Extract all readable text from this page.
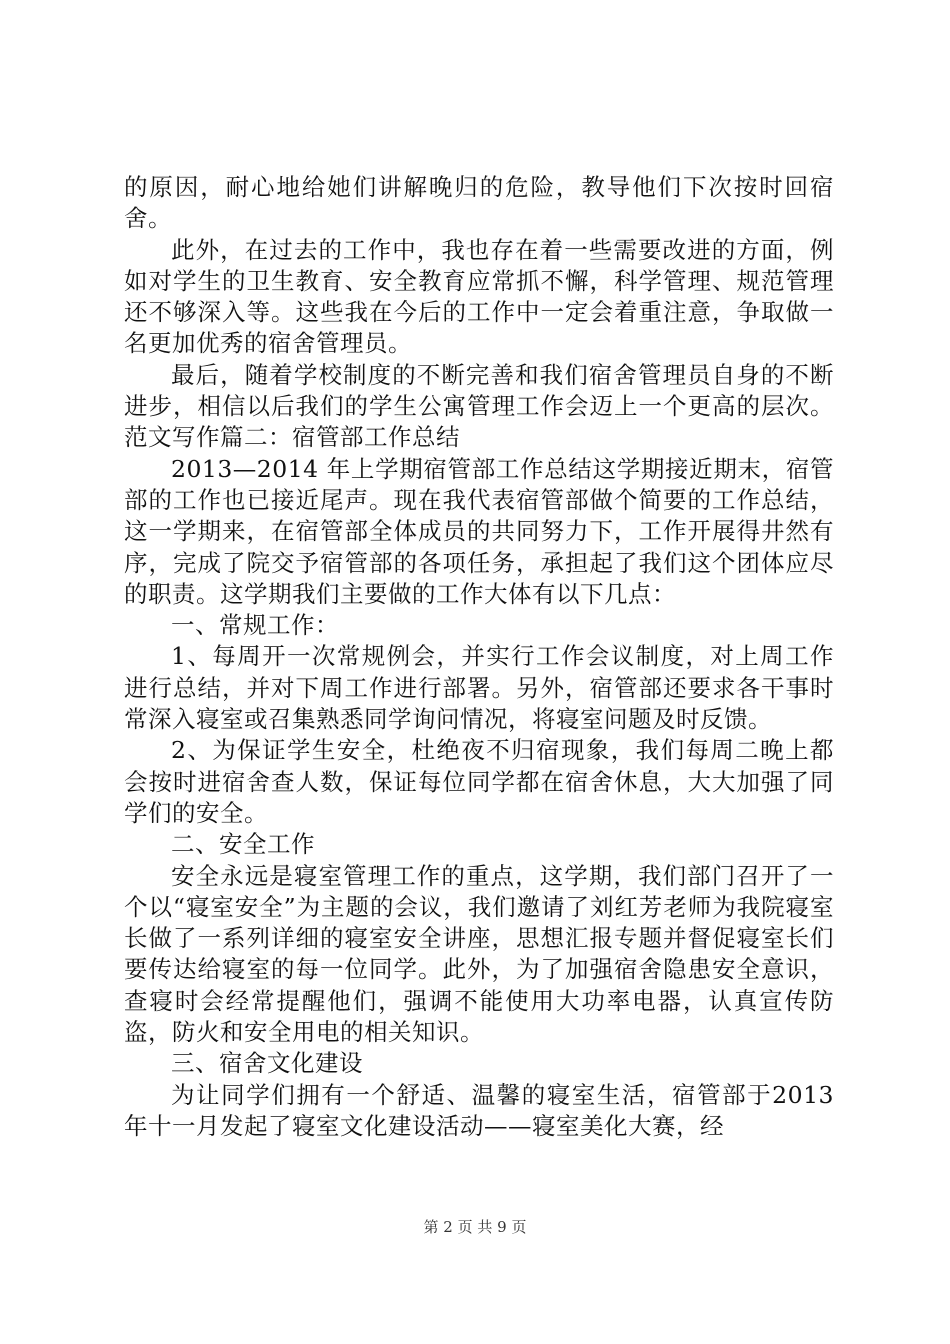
的原因，耐心地给她们讲解晚归的危险，教导他们下次按时回宿舍。

此外，在过去的工作中，我也存在着一些需要改进的方面，例如对学生的卫生教育、安全教育应常抓不懈，科学管理、规范管理还不够深入等。这些我在今后的工作中一定会着重注意，争取做一名更加优秀的宿舍管理员。

最后，随着学校制度的不断完善和我们宿舍管理员自身的不断进步，相信以后我们的学生公寓管理工作会迈上一个更高的层次。范文写作篇二：宿管部工作总结

2013—2014 年上学期宿管部工作总结这学期接近期末，宿管部的工作也已接近尾声。现在我代表宿管部做个简要的工作总结，这一学期来，在宿管部全体成员的共同努力下，工作开展得井然有序，完成了院交予宿管部的各项任务，承担起了我们这个团体应尽的职责。这学期我们主要做的工作大体有以下几点：

一、常规工作：

1、每周开一次常规例会，并实行工作会议制度，对上周工作进行总结，并对下周工作进行部署。另外，宿管部还要求各干事时常深入寝室或召集熟悉同学询问情况，将寝室问题及时反馈。

2、为保证学生安全，杜绝夜不归宿现象，我们每周二晚上都会按时进宿舍查人数，保证每位同学都在宿舍休息，大大加强了同学们的安全。

二、安全工作

安全永远是寝室管理工作的重点，这学期，我们部门召开了一个以“寝室安全”为主题的会议，我们邀请了刘红芳老师为我院寝室长做了一系列详细的寝室安全讲座，思想汇报专题并督促寝室长们要传达给寝室的每一位同学。此外，为了加强宿舍隐患安全意识，查寝时会经常提醒他们，强调不能使用大功率电器，认真宣传防盗，防火和安全用电的相关知识。

三、宿舍文化建设

为让同学们拥有一个舒适、温馨的寝室生活，宿管部于2013 年十一月发起了寝室文化建设活动——寝室美化大赛，经

第 2 页 共 9 页
